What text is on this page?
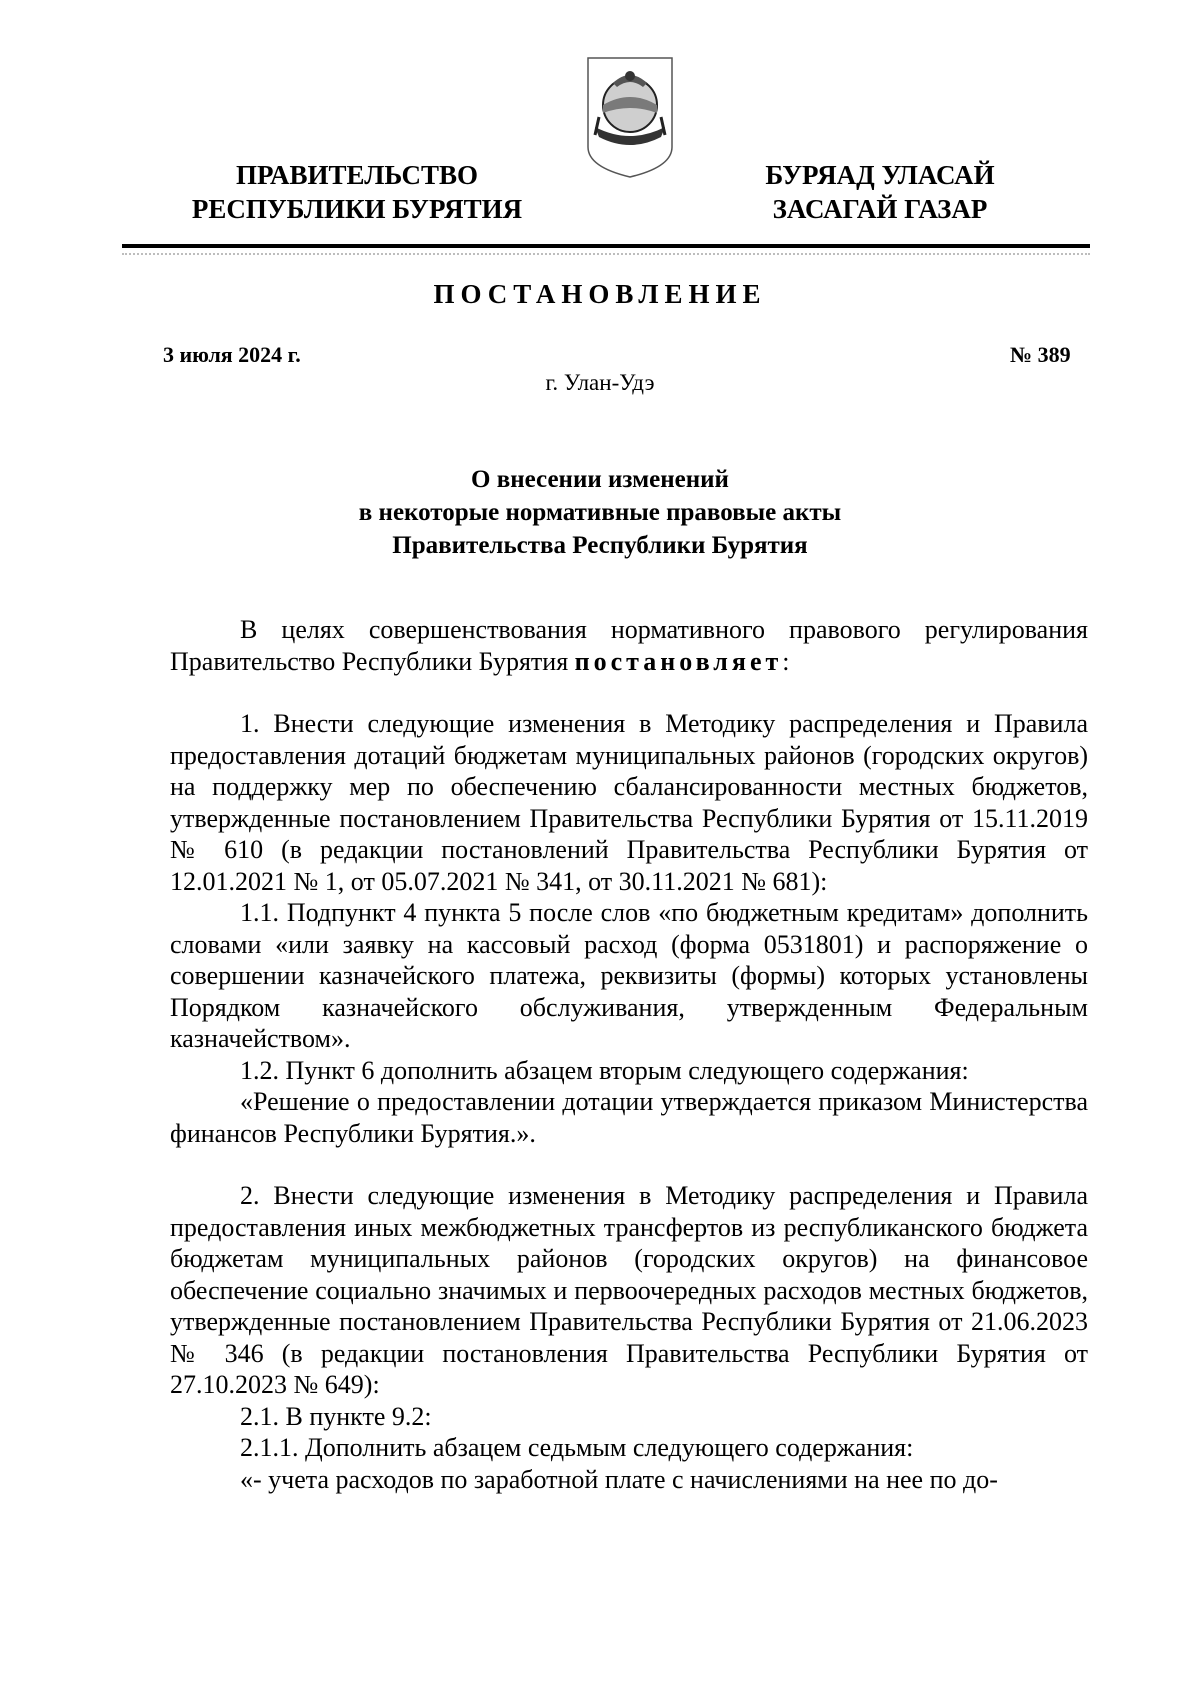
ПРАВИТЕЛЬСТВО
РЕСПУБЛИКИ БУРЯТИЯ
БУРЯАД УЛАСАЙ
ЗАСАГАЙ ГАЗАР
ПОСТАНОВЛЕНИЕ
3 июля 2024 г.	№ 389
г. Улан-Удэ
О внесении изменений
в некоторые нормативные правовые акты
Правительства Республики Бурятия

В целях совершенствования нормативного правового регулирования Правительство Республики Бурятия постановляет:

1. Внести следующие изменения в Методику распределения и Правила предоставления дотаций бюджетам муниципальных районов (городских округов) на поддержку мер по обеспечению сбалансированности местных бюджетов, утвержденные постановлением Правительства Республики Бурятия от 15.11.2019 № 610 (в редакции постановлений Правительства Республики Бурятия от 12.01.2021 № 1, от 05.07.2021 № 341, от 30.11.2021 № 681):

1.1. Подпункт 4 пункта 5 после слов «по бюджетным кредитам» дополнить словами «или заявку на кассовый расход (форма 0531801) и распоряжение о совершении казначейского платежа, реквизиты (формы) которых установлены Порядком казначейского обслуживания, утвержденным Федеральным казначейством».

1.2. Пункт 6 дополнить абзацем вторым следующего содержания:

«Решение о предоставлении дотации утверждается приказом Министерства финансов Республики Бурятия.».

2. Внести следующие изменения в Методику распределения и Правила предоставления иных межбюджетных трансфертов из республиканского бюджета бюджетам муниципальных районов (городских округов) на финансовое обеспечение социально значимых и первоочередных расходов местных бюджетов, утвержденные постановлением Правительства Республики Бурятия от 21.06.2023 № 346 (в редакции постановления Правительства Республики Бурятия от 27.10.2023 № 649):

2.1. В пункте 9.2:

2.1.1. Дополнить абзацем седьмым следующего содержания:

«- учета расходов по заработной плате с начислениями на нее по до-
